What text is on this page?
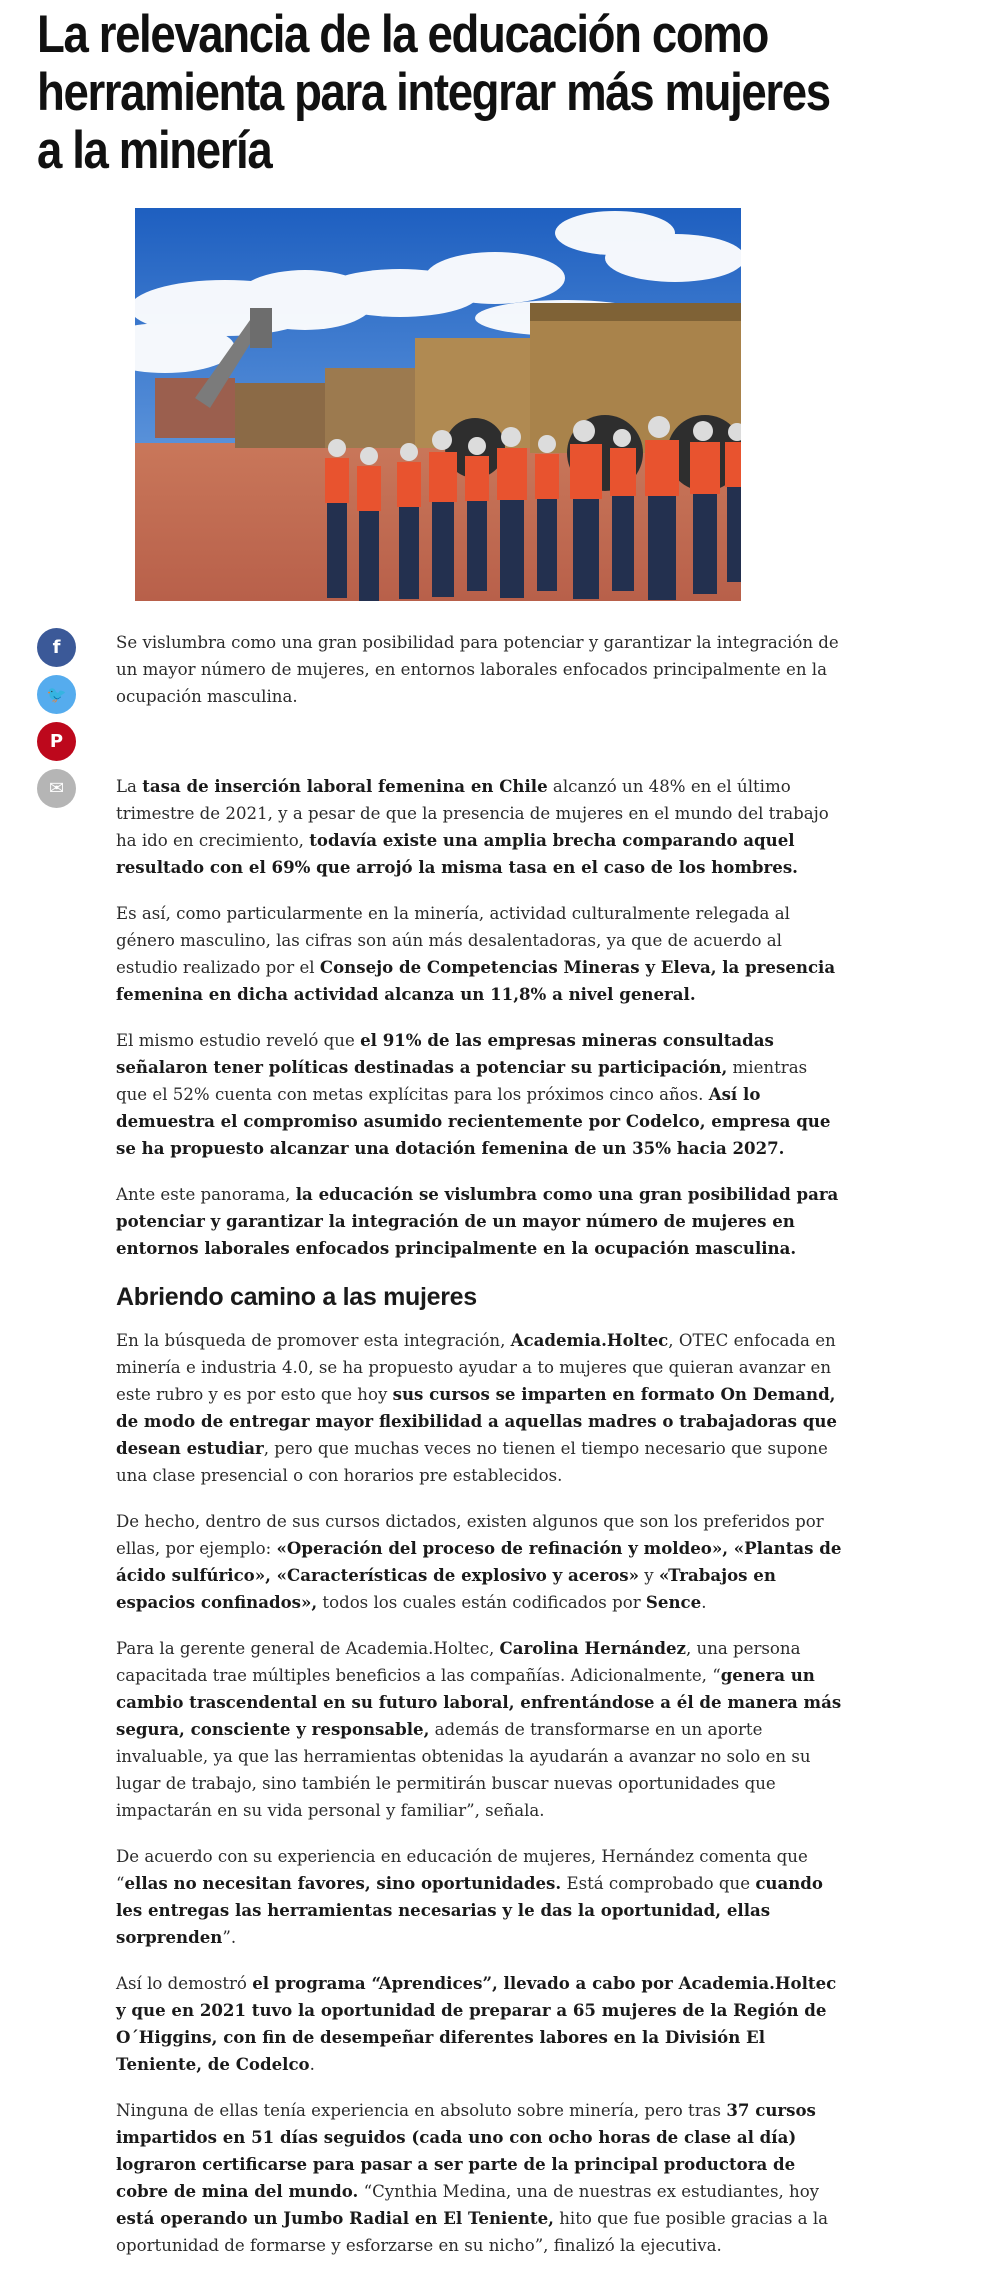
La relevancia de la educación como herramienta para integrar más mujeres a la minería
f
🐦
P
✉

Se vislumbra como una gran posibilidad para potenciar y garantizar la integración de un mayor número de mujeres, en entornos laborales enfocados principalmente en la ocupación masculina.

La tasa de inserción laboral femenina en Chile alcanzó un 48% en el último trimestre de 2021, y a pesar de que la presencia de mujeres en el mundo del trabajo ha ido en crecimiento, todavía existe una amplia brecha comparando aquel resultado con el 69% que arrojó la misma tasa en el caso de los hombres.

Es así, como particularmente en la minería, actividad culturalmente relegada al género masculino, las cifras son aún más desalentadoras, ya que de acuerdo al estudio realizado por el Consejo de Competencias Mineras y Eleva, la presencia femenina en dicha actividad alcanza un 11,8% a nivel general.

El mismo estudio reveló que el 91% de las empresas mineras consultadas señalaron tener políticas destinadas a potenciar su participación, mientras que el 52% cuenta con metas explícitas para los próximos cinco años. Así lo demuestra el compromiso asumido recientemente por Codelco, empresa que se ha propuesto alcanzar una dotación femenina de un 35% hacia 2027.

Ante este panorama, la educación se vislumbra como una gran posibilidad para potenciar y garantizar la integración de un mayor número de mujeres en entornos laborales enfocados principalmente en la ocupación masculina.

Abriendo camino a las mujeres

En la búsqueda de promover esta integración, Academia.Holtec, OTEC enfocada en minería e industria 4.0, se ha propuesto ayudar a to mujeres que quieran avanzar en este rubro y es por esto que hoy sus cursos se imparten en formato On Demand, de modo de entregar mayor flexibilidad a aquellas madres o trabajadoras que desean estudiar, pero que muchas veces no tienen el tiempo necesario que supone una clase presencial o con horarios pre establecidos.

De hecho, dentro de sus cursos dictados, existen algunos que son los preferidos por ellas, por ejemplo: «Operación del proceso de refinación y moldeo», «Plantas de ácido sulfúrico», «Características de explosivo y aceros» y «Trabajos en espacios confinados», todos los cuales están codificados por Sence.

Para la gerente general de Academia.Holtec, Carolina Hernández, una persona capacitada trae múltiples beneficios a las compañías. Adicionalmente, “genera un cambio trascendental en su futuro laboral, enfrentándose a él de manera más segura, consciente y responsable, además de transformarse en un aporte invaluable, ya que las herramientas obtenidas la ayudarán a avanzar no solo en su lugar de trabajo, sino también le permitirán buscar nuevas oportunidades que impactarán en su vida personal y familiar”, señala.

De acuerdo con su experiencia en educación de mujeres, Hernández comenta que “ellas no necesitan favores, sino oportunidades. Está comprobado que cuando les entregas las herramientas necesarias y le das la oportunidad, ellas sorprenden”.

Así lo demostró el programa “Aprendices”, llevado a cabo por Academia.Holtec y que en 2021 tuvo la oportunidad de preparar a 65 mujeres de la Región de O´Higgins, con fin de desempeñar diferentes labores en la División El Teniente, de Codelco.

Ninguna de ellas tenía experiencia en absoluto sobre minería, pero tras 37 cursos impartidos en 51 días seguidos (cada uno con ocho horas de clase al día) lograron certificarse para pasar a ser parte de la principal productora de cobre de mina del mundo. “Cynthia Medina, una de nuestras ex estudiantes, hoy está operando un Jumbo Radial en El Teniente, hito que fue posible gracias a la oportunidad de formarse y esforzarse en su nicho”, finalizó la ejecutiva.
